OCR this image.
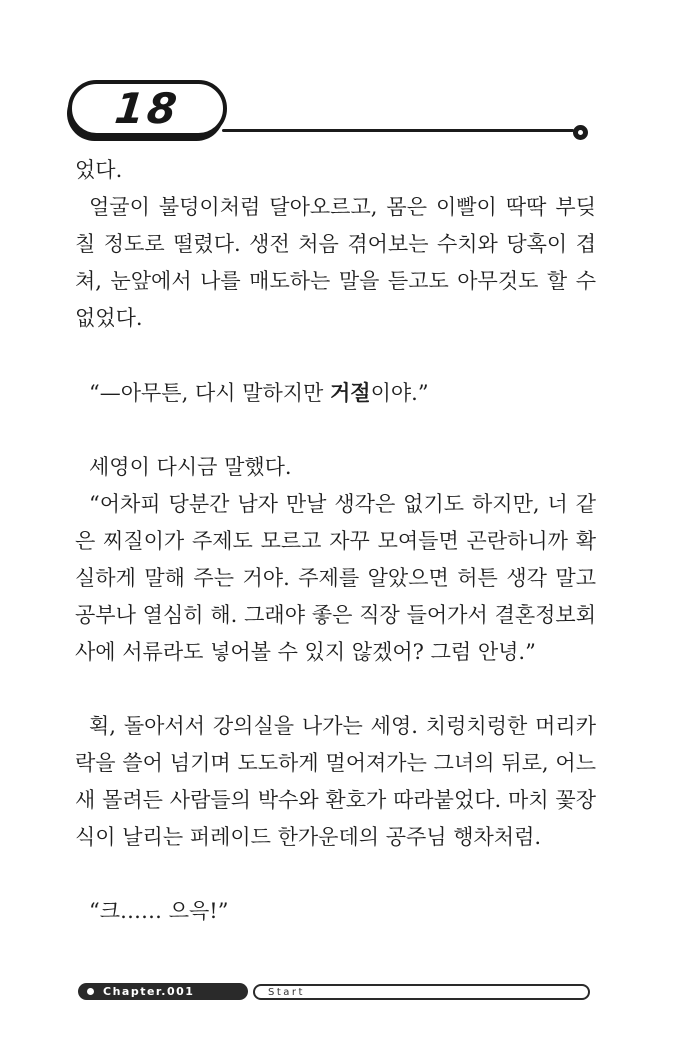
18

었다.

얼굴이 불덩이처럼 달아오르고, 몸은 이빨이 딱딱 부딪칠 정도로 떨렸다. 생전 처음 겪어보는 수치와 당혹이 겹쳐, 눈앞에서 나를 매도하는 말을 듣고도 아무것도 할 수 없었다.

“—아무튼, 다시 말하지만 거절이야.”

세영이 다시금 말했다.

“어차피 당분간 남자 만날 생각은 없기도 하지만, 너 같은 찌질이가 주제도 모르고 자꾸 모여들면 곤란하니까 확실하게 말해 주는 거야. 주제를 알았으면 허튼 생각 말고 공부나 열심히 해. 그래야 좋은 직장 들어가서 결혼정보회사에 서류라도 넣어볼 수 있지 않겠어? 그럼 안녕.”

획, 돌아서서 강의실을 나가는 세영. 치렁치렁한 머리카락을 쓸어 넘기며 도도하게 멀어져가는 그녀의 뒤로, 어느새 몰려든 사람들의 박수와 환호가 따라붙었다. 마치 꽃장식이 날리는 퍼레이드 한가운데의 공주님 행차처럼.

“크…… 으윽!”

Chapter.001	Start
